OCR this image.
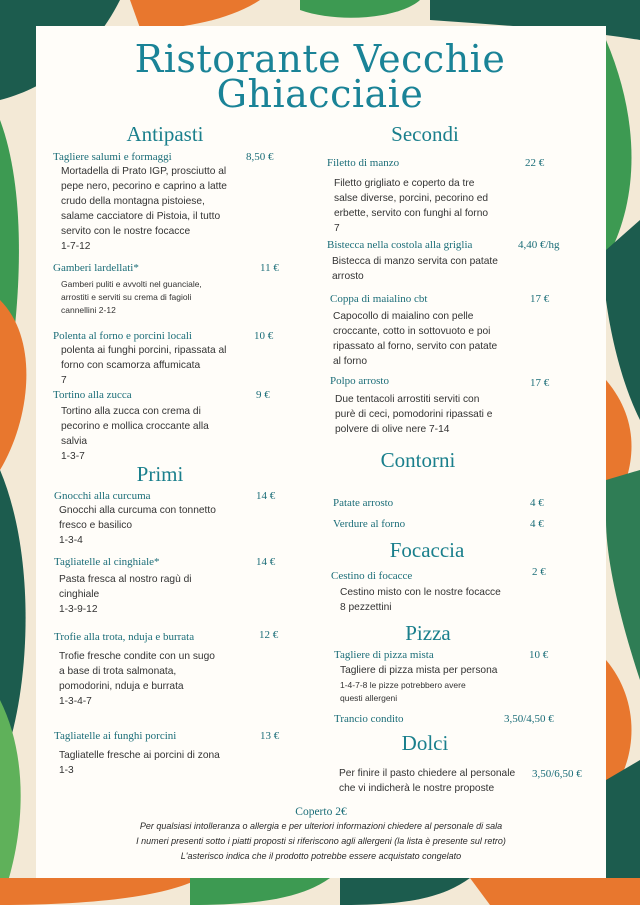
Ristorante Vecchie
Ghiacciaie
Antipasti
Tagliere salumi e formaggi	8,50 €
Mortadella di Prato IGP, prosciutto al
pepe nero, pecorino e caprino a latte
crudo della montagna pistoiese,
salame cacciatore di Pistoia, il tutto
servito con le nostre focacce
1-7-12
Gamberi lardellati*	11 €
Gamberi puliti e avvolti nel guanciale,
arrostiti e serviti su crema di fagioli
cannellini 2-12
Polenta al forno e porcini locali	10 €
polenta ai funghi porcini, ripassata al
forno con scamorza affumicata
7
Tortino alla zucca	9 €
Tortino alla zucca con crema di
pecorino e mollica croccante alla
salvia
1-3-7
Primi
Gnocchi alla curcuma	14 €
Gnocchi alla curcuma con tonnetto
fresco e basilico
1-3-4
Tagliatelle al cinghiale*	14 €
Pasta fresca al nostro ragù di
cinghiale
1-3-9-12
Trofie alla trota, nduja e burrata	12 €
Trofie fresche condite con un sugo
a base di trota salmonata,
pomodorini, nduja e burrata
1-3-4-7
Tagliatelle ai funghi porcini	13 €
Tagliatelle fresche ai porcini di zona
1-3
Secondi
Filetto di manzo	22 €
Filetto grigliato e coperto da tre
salse diverse, porcini, pecorino ed
erbette, servito con funghi al forno
7
Bistecca nella costola alla griglia	4,40 €/hg
Bistecca di manzo servita con patate
arrosto
Coppa di maialino cbt	17 €
Capocollo di maialino con pelle
croccante, cotto in sottovuoto e poi
ripassato al forno, servito con patate
al forno
Polpo arrosto	17 €
Due tentacoli arrostiti serviti con
purè di ceci, pomodorini ripassati e
polvere di olive nere 7-14
Contorni
Patate arrosto	4 €
Verdure al forno	4 €
Focaccia
Cestino di focacce	2 €
Cestino misto con le nostre focacce
8 pezzettini
Pizza
Tagliere di pizza mista	10 €
Tagliere di pizza mista per persona
1-4-7-8 le pizze potrebbero avere
questi allergeni
Trancio condito	3,50/4,50 €
Dolci
Per finire il pasto chiedere al personale
che vi indicherà le nostre proposte
3,50/6,50 €
Coperto 2€
Per qualsiasi intolleranza o allergia e per ulteriori informazioni chiedere al personale di sala
I numeri presenti sotto i piatti proposti si riferiscono agli allergeni (la lista è presente sul retro)
L'asterisco indica che il prodotto potrebbe essere acquistato congelato
